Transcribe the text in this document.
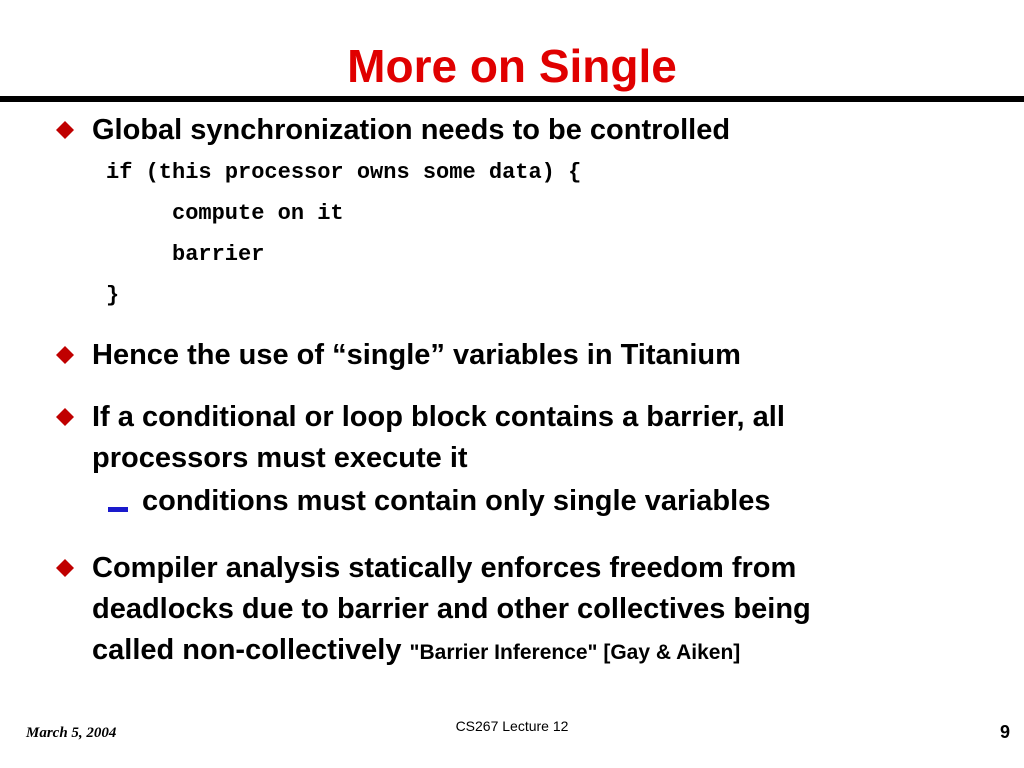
More on Single
Global synchronization needs to be controlled
if (this processor owns some data) {
compute on it
barrier
}
Hence the use of “single” variables in Titanium
If a conditional or loop block contains a barrier, all
processors must execute it
conditions must contain only single variables
Compiler analysis statically enforces freedom from
deadlocks due to barrier and other collectives being
called non-collectively "Barrier Inference" [Gay & Aiken]
March 5, 2004	CS267 Lecture 12	9
